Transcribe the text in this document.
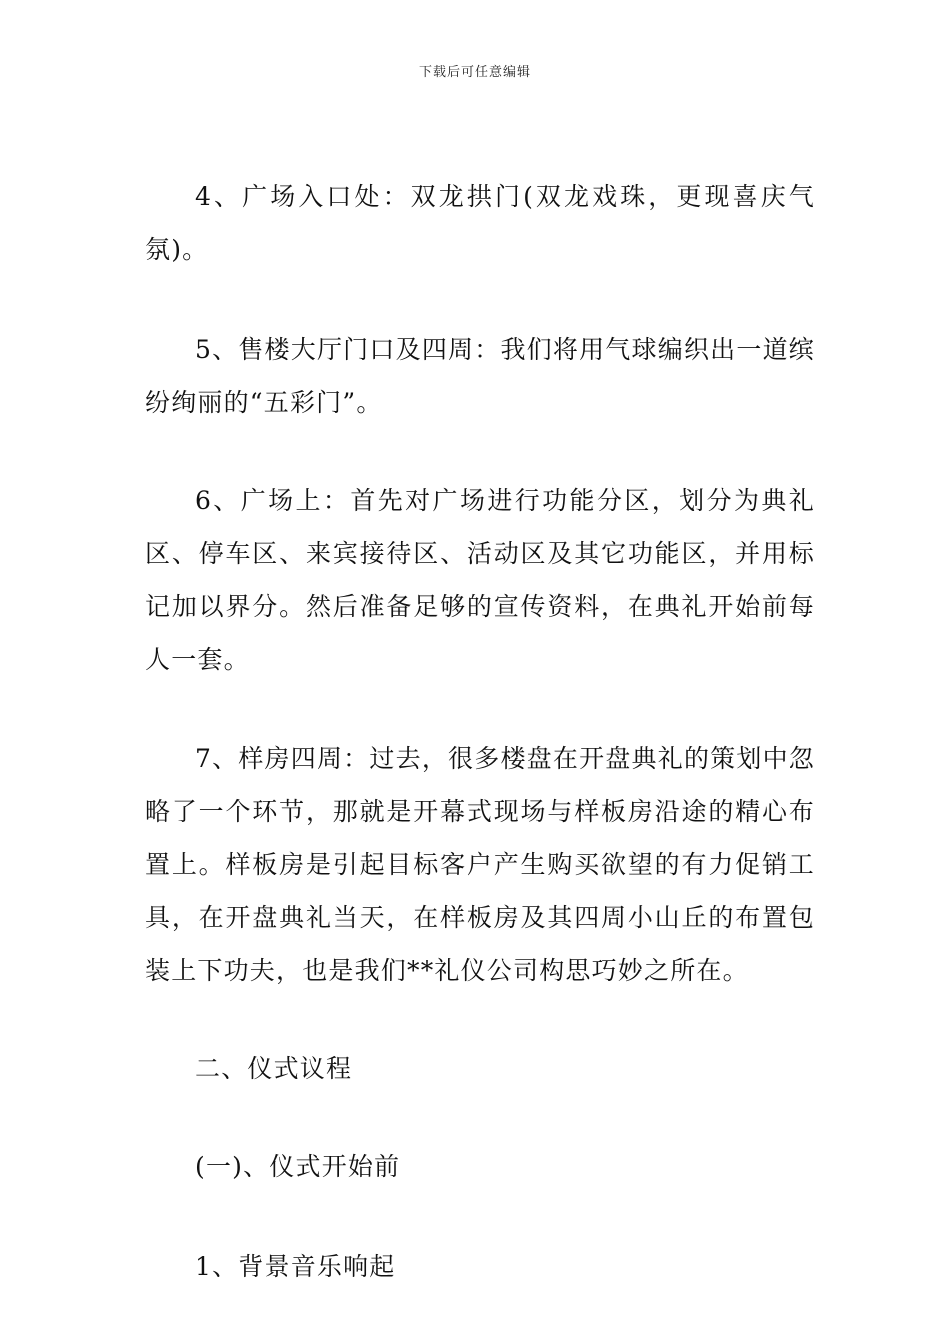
下载后可任意编辑

4、广场入口处：双龙拱门(双龙戏珠，更现喜庆气氛)。

5、售楼大厅门口及四周：我们将用气球编织出一道缤纷绚丽的“五彩门”。

6、广场上：首先对广场进行功能分区，划分为典礼区、停车区、来宾接待区、活动区及其它功能区，并用标记加以界分。然后准备足够的宣传资料，在典礼开始前每人一套。

7、样房四周：过去，很多楼盘在开盘典礼的策划中忽略了一个环节，那就是开幕式现场与样板房沿途的精心布置上。样板房是引起目标客户产生购买欲望的有力促销工具，在开盘典礼当天，在样板房及其四周小山丘的布置包装上下功夫，也是我们**礼仪公司构思巧妙之所在。

二、仪式议程

(一)、仪式开始前

1、背景音乐响起
